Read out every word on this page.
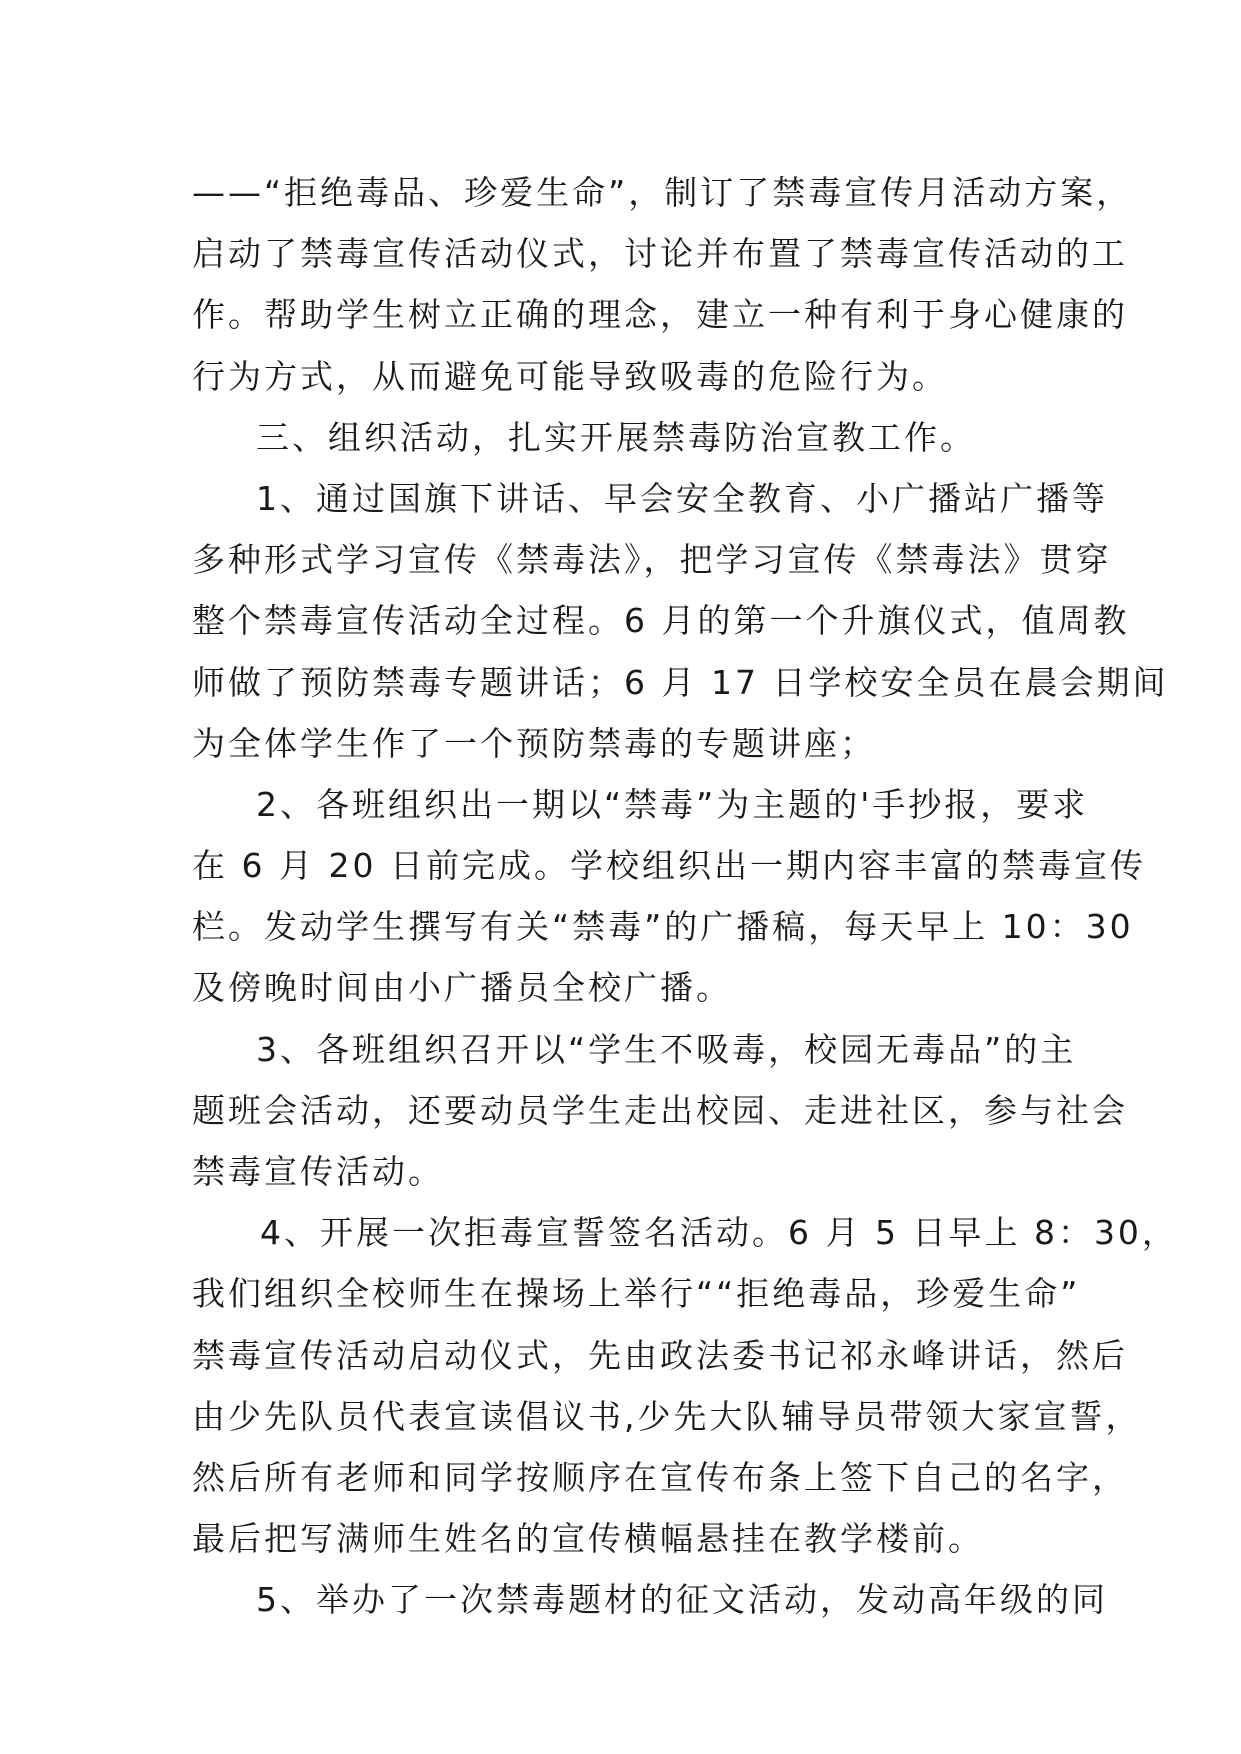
——“拒绝毒品、珍爱生命”，制订了禁毒宣传月活动方案，
启动了禁毒宣传活动仪式，讨论并布置了禁毒宣传活动的工
作。帮助学生树立正确的理念，建立一种有利于身心健康的
行为方式，从而避免可能导致吸毒的危险行为。
三、组织活动，扎实开展禁毒防治宣教工作。
1、通过国旗下讲话、早会安全教育、小广播站广播等
多种形式学习宣传《禁毒法》，把学习宣传《禁毒法》贯穿
整个禁毒宣传活动全过程。6 月的第一个升旗仪式，值周教
师做了预防禁毒专题讲话；6 月 17 日学校安全员在晨会期间
为全体学生作了一个预防禁毒的专题讲座；
2、各班组织出一期以“禁毒”为主题的'手抄报，要求
在 6 月 20 日前完成。学校组织出一期内容丰富的禁毒宣传
栏。发动学生撰写有关“禁毒”的广播稿，每天早上 10：30
及傍晚时间由小广播员全校广播。
3、各班组织召开以“学生不吸毒，校园无毒品”的主
题班会活动，还要动员学生走出校园、走进社区，参与社会
禁毒宣传活动。
4、开展一次拒毒宣誓签名活动。6 月 5 日早上 8：30，
我们组织全校师生在操场上举行““拒绝毒品，珍爱生命”
禁毒宣传活动启动仪式，先由政法委书记祁永峰讲话，然后
由少先队员代表宣读倡议书,少先大队辅导员带领大家宣誓，
然后所有老师和同学按顺序在宣传布条上签下自己的名字，
最后把写满师生姓名的宣传横幅悬挂在教学楼前。
5、举办了一次禁毒题材的征文活动，发动高年级的同
